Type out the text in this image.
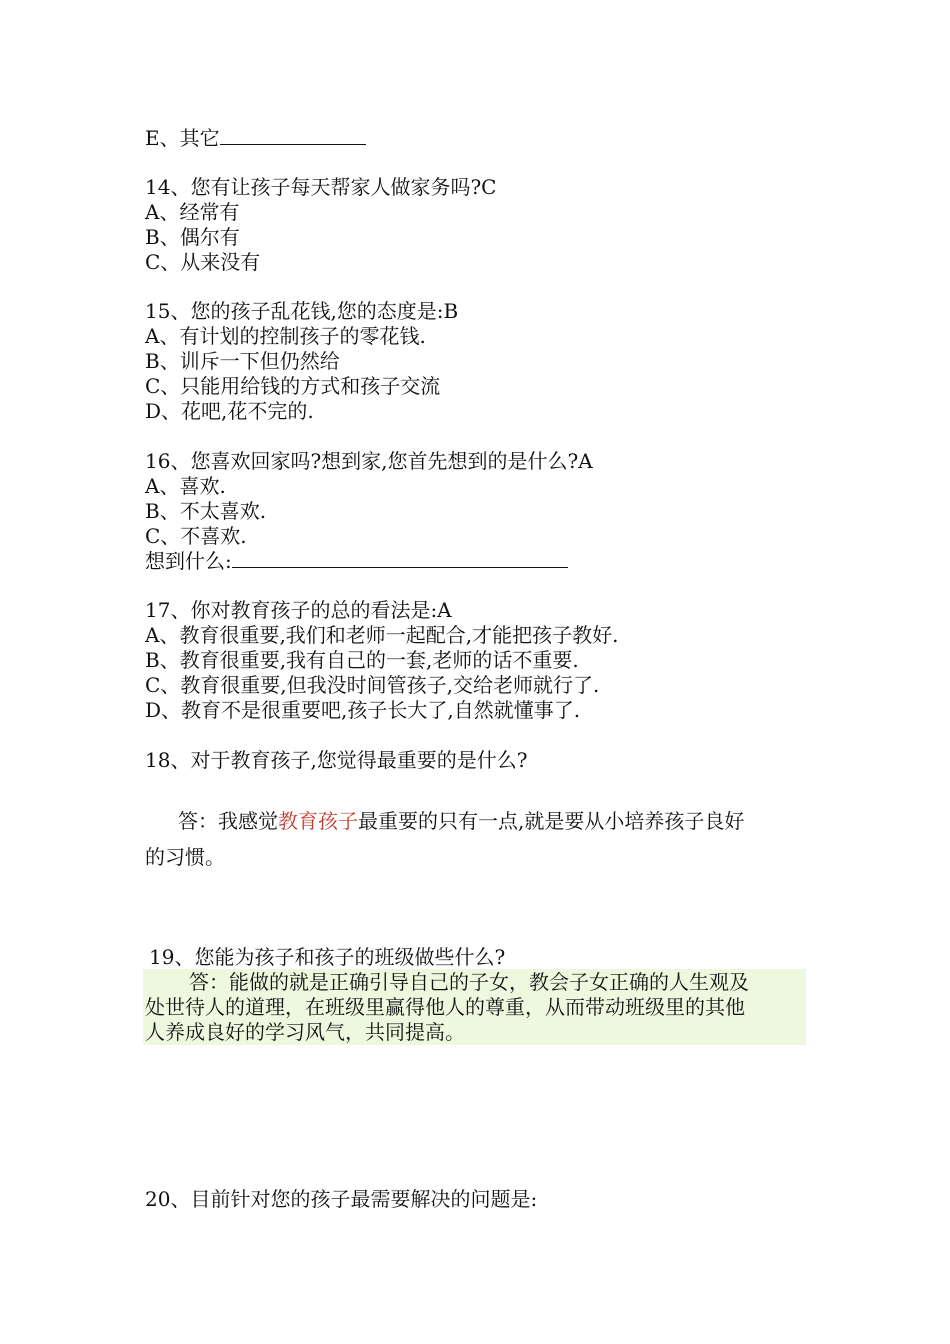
E、其它
14、您有让孩子每天帮家人做家务吗?C
A、经常有
B、偶尔有
C、从来没有
15、您的孩子乱花钱,您的态度是:B
A、有计划的控制孩子的零花钱.
B、训斥一下但仍然给
C、只能用给钱的方式和孩子交流
D、花吧,花不完的.
16、您喜欢回家吗?想到家,您首先想到的是什么?A
A、喜欢.
B、不太喜欢.
C、不喜欢.
想到什么:
17、你对教育孩子的总的看法是:A
A、教育很重要,我们和老师一起配合,才能把孩子教好.
B、教育很重要,我有自己的一套,老师的话不重要.
C、教育很重要,但我没时间管孩子,交给老师就行了.
D、教育不是很重要吧,孩子长大了,自然就懂事了.
18、对于教育孩子,您觉得最重要的是什么?
答：我感觉教育孩子最重要的只有一点,就是要从小培养孩子良好
的习惯。
19、您能为孩子和孩子的班级做些什么?
答：能做的就是正确引导自己的子女，教会子女正确的人生观及
处世待人的道理，在班级里赢得他人的尊重，从而带动班级里的其他
人养成良好的学习风气，共同提高。
20、目前针对您的孩子最需要解决的问题是:
